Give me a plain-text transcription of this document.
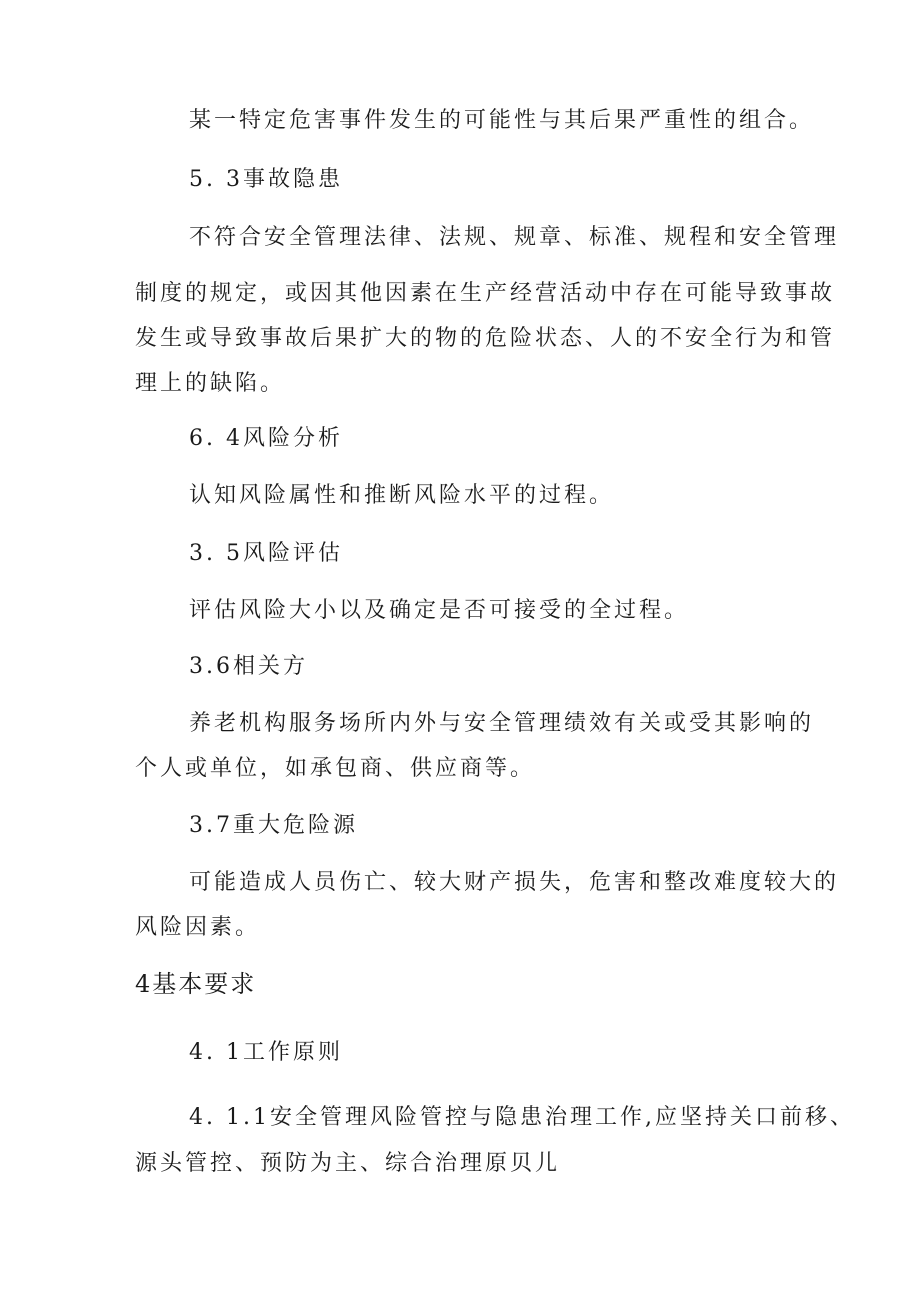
某一特定危害事件发生的可能性与其后果严重性的组合。
5. 3事故隐患
不符合安全管理法律、法规、规章、标准、规程和安全管理
制度的规定，或因其他因素在生产经营活动中存在可能导致事故
发生或导致事故后果扩大的物的危险状态、人的不安全行为和管
理上的缺陷。
6. 4风险分析
认知风险属性和推断风险水平的过程。
3. 5风险评估
评估风险大小以及确定是否可接受的全过程。
3.6相关方
养老机构服务场所内外与安全管理绩效有关或受其影响的
个人或单位，如承包商、供应商等。
3.7重大危险源
可能造成人员伤亡、较大财产损失，危害和整改难度较大的
风险因素。
4基本要求
4. 1工作原则
4. 1.1安全管理风险管控与隐患治理工作,应坚持关口前移、
源头管控、预防为主、综合治理原贝儿
